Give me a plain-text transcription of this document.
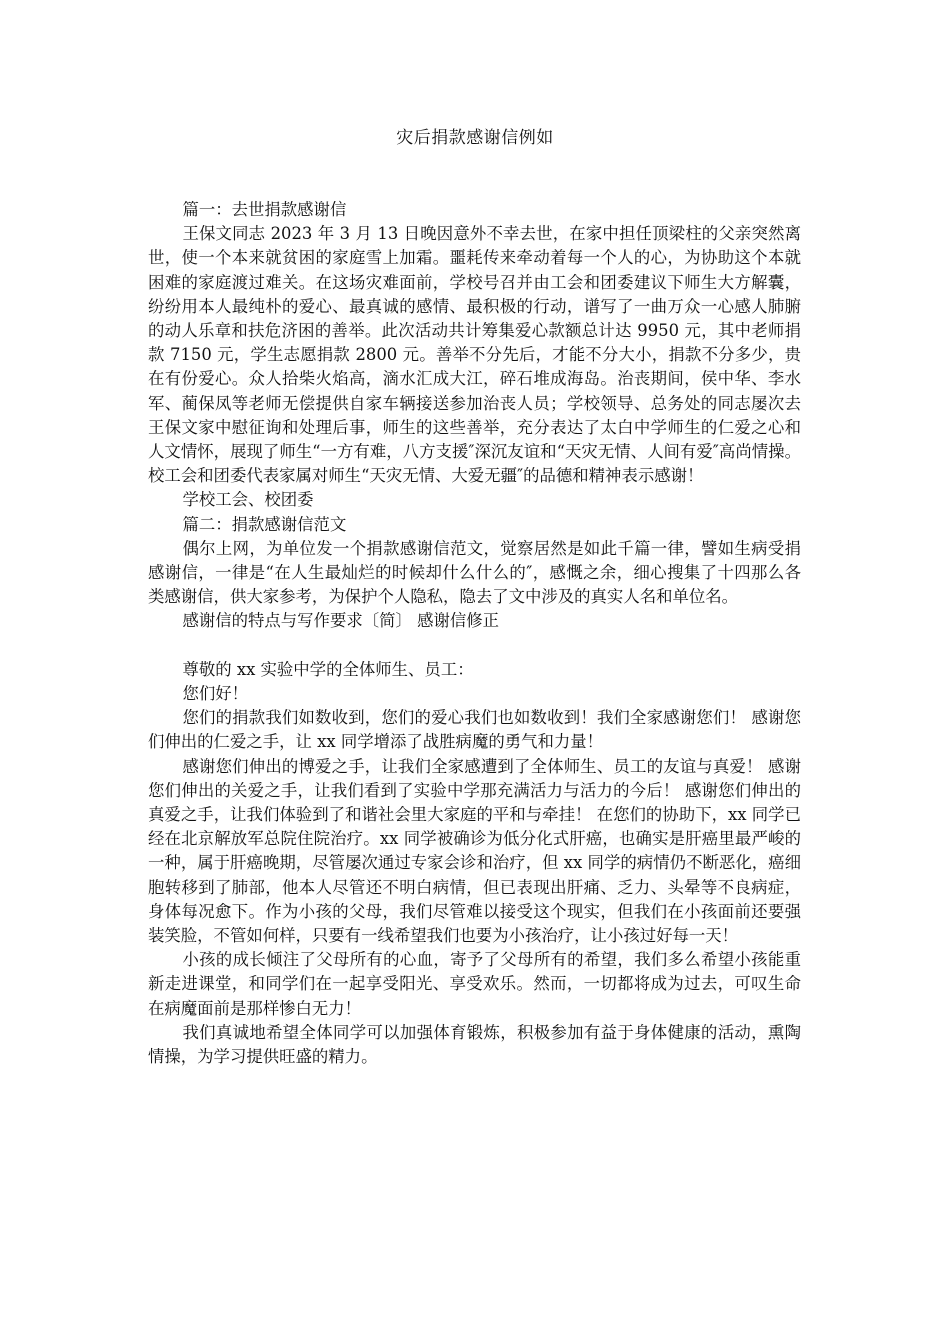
灾后捐款感谢信例如

篇一：去世捐款感谢信

王保文同志 2023 年 3 月 13 日晚因意外不幸去世，在家中担任顶梁柱的父亲突然离世，使一个本来就贫困的家庭雪上加霜。噩耗传来牵动着每一个人的心，为协助这个本就困难的家庭渡过难关。在这场灾难面前，学校号召并由工会和团委建议下师生大方解囊，纷纷用本人最纯朴的爱心、最真诚的感情、最积极的行动，谱写了一曲万众一心感人肺腑的动人乐章和扶危济困的善举。此次活动共计筹集爱心款额总计达 9950 元，其中老师捐款 7150 元，学生志愿捐款 2800 元。善举不分先后，才能不分大小，捐款不分多少，贵在有份爱心。众人拾柴火焰高，滴水汇成大江，碎石堆成海岛。治丧期间，侯中华、李水军、蔺保凤等老师无偿提供自家车辆接送参加治丧人员；学校领导、总务处的同志屡次去王保文家中慰征询和处理后事，师生的这些善举，充分表达了太白中学师生的仁爱之心和人文情怀，展现了师生“一方有难，八方支援″深沉友谊和“天灾无情、人间有爱″高尚情操。校工会和团委代表家属对师生“天灾无情、大爱无疆″的品德和精神表示感谢！

学校工会、校团委

篇二：捐款感谢信范文

偶尔上网，为单位发一个捐款感谢信范文，觉察居然是如此千篇一律，譬如生病受捐感谢信，一律是“在人生最灿烂的时候却什么什么的″，感慨之余，细心搜集了十四那么各类感谢信，供大家参考，为保护个人隐私，隐去了文中涉及的真实人名和单位名。

感谢信的特点与写作要求〔简〕 感谢信修正

尊敬的 xx 实验中学的全体师生、员工：

您们好！

您们的捐款我们如数收到，您们的爱心我们也如数收到！我们全家感谢您们！ 感谢您们伸出的仁爱之手，让 xx 同学增添了战胜病魔的勇气和力量！

感谢您们伸出的博爱之手，让我们全家感遭到了全体师生、员工的友谊与真爱！ 感谢您们伸出的关爱之手，让我们看到了实验中学那充满活力与活力的今后！ 感谢您们伸出的真爱之手，让我们体验到了和谐社会里大家庭的平和与牵挂！ 在您们的协助下，xx 同学已经在北京解放军总院住院治疗。xx 同学被确诊为低分化式肝癌，也确实是肝癌里最严峻的一种，属于肝癌晚期，尽管屡次通过专家会诊和治疗，但 xx 同学的病情仍不断恶化，癌细胞转移到了肺部，他本人尽管还不明白病情，但已表现出肝痛、乏力、头晕等不良病症，身体每况愈下。作为小孩的父母，我们尽管难以接受这个现实，但我们在小孩面前还要强装笑脸，不管如何样，只要有一线希望我们也要为小孩治疗，让小孩过好每一天！

小孩的成长倾注了父母所有的心血，寄予了父母所有的希望，我们多么希望小孩能重新走进课堂，和同学们在一起享受阳光、享受欢乐。然而，一切都将成为过去，可叹生命在病魔面前是那样惨白无力！

我们真诚地希望全体同学可以加强体育锻炼，积极参加有益于身体健康的活动，熏陶情操，为学习提供旺盛的精力。
